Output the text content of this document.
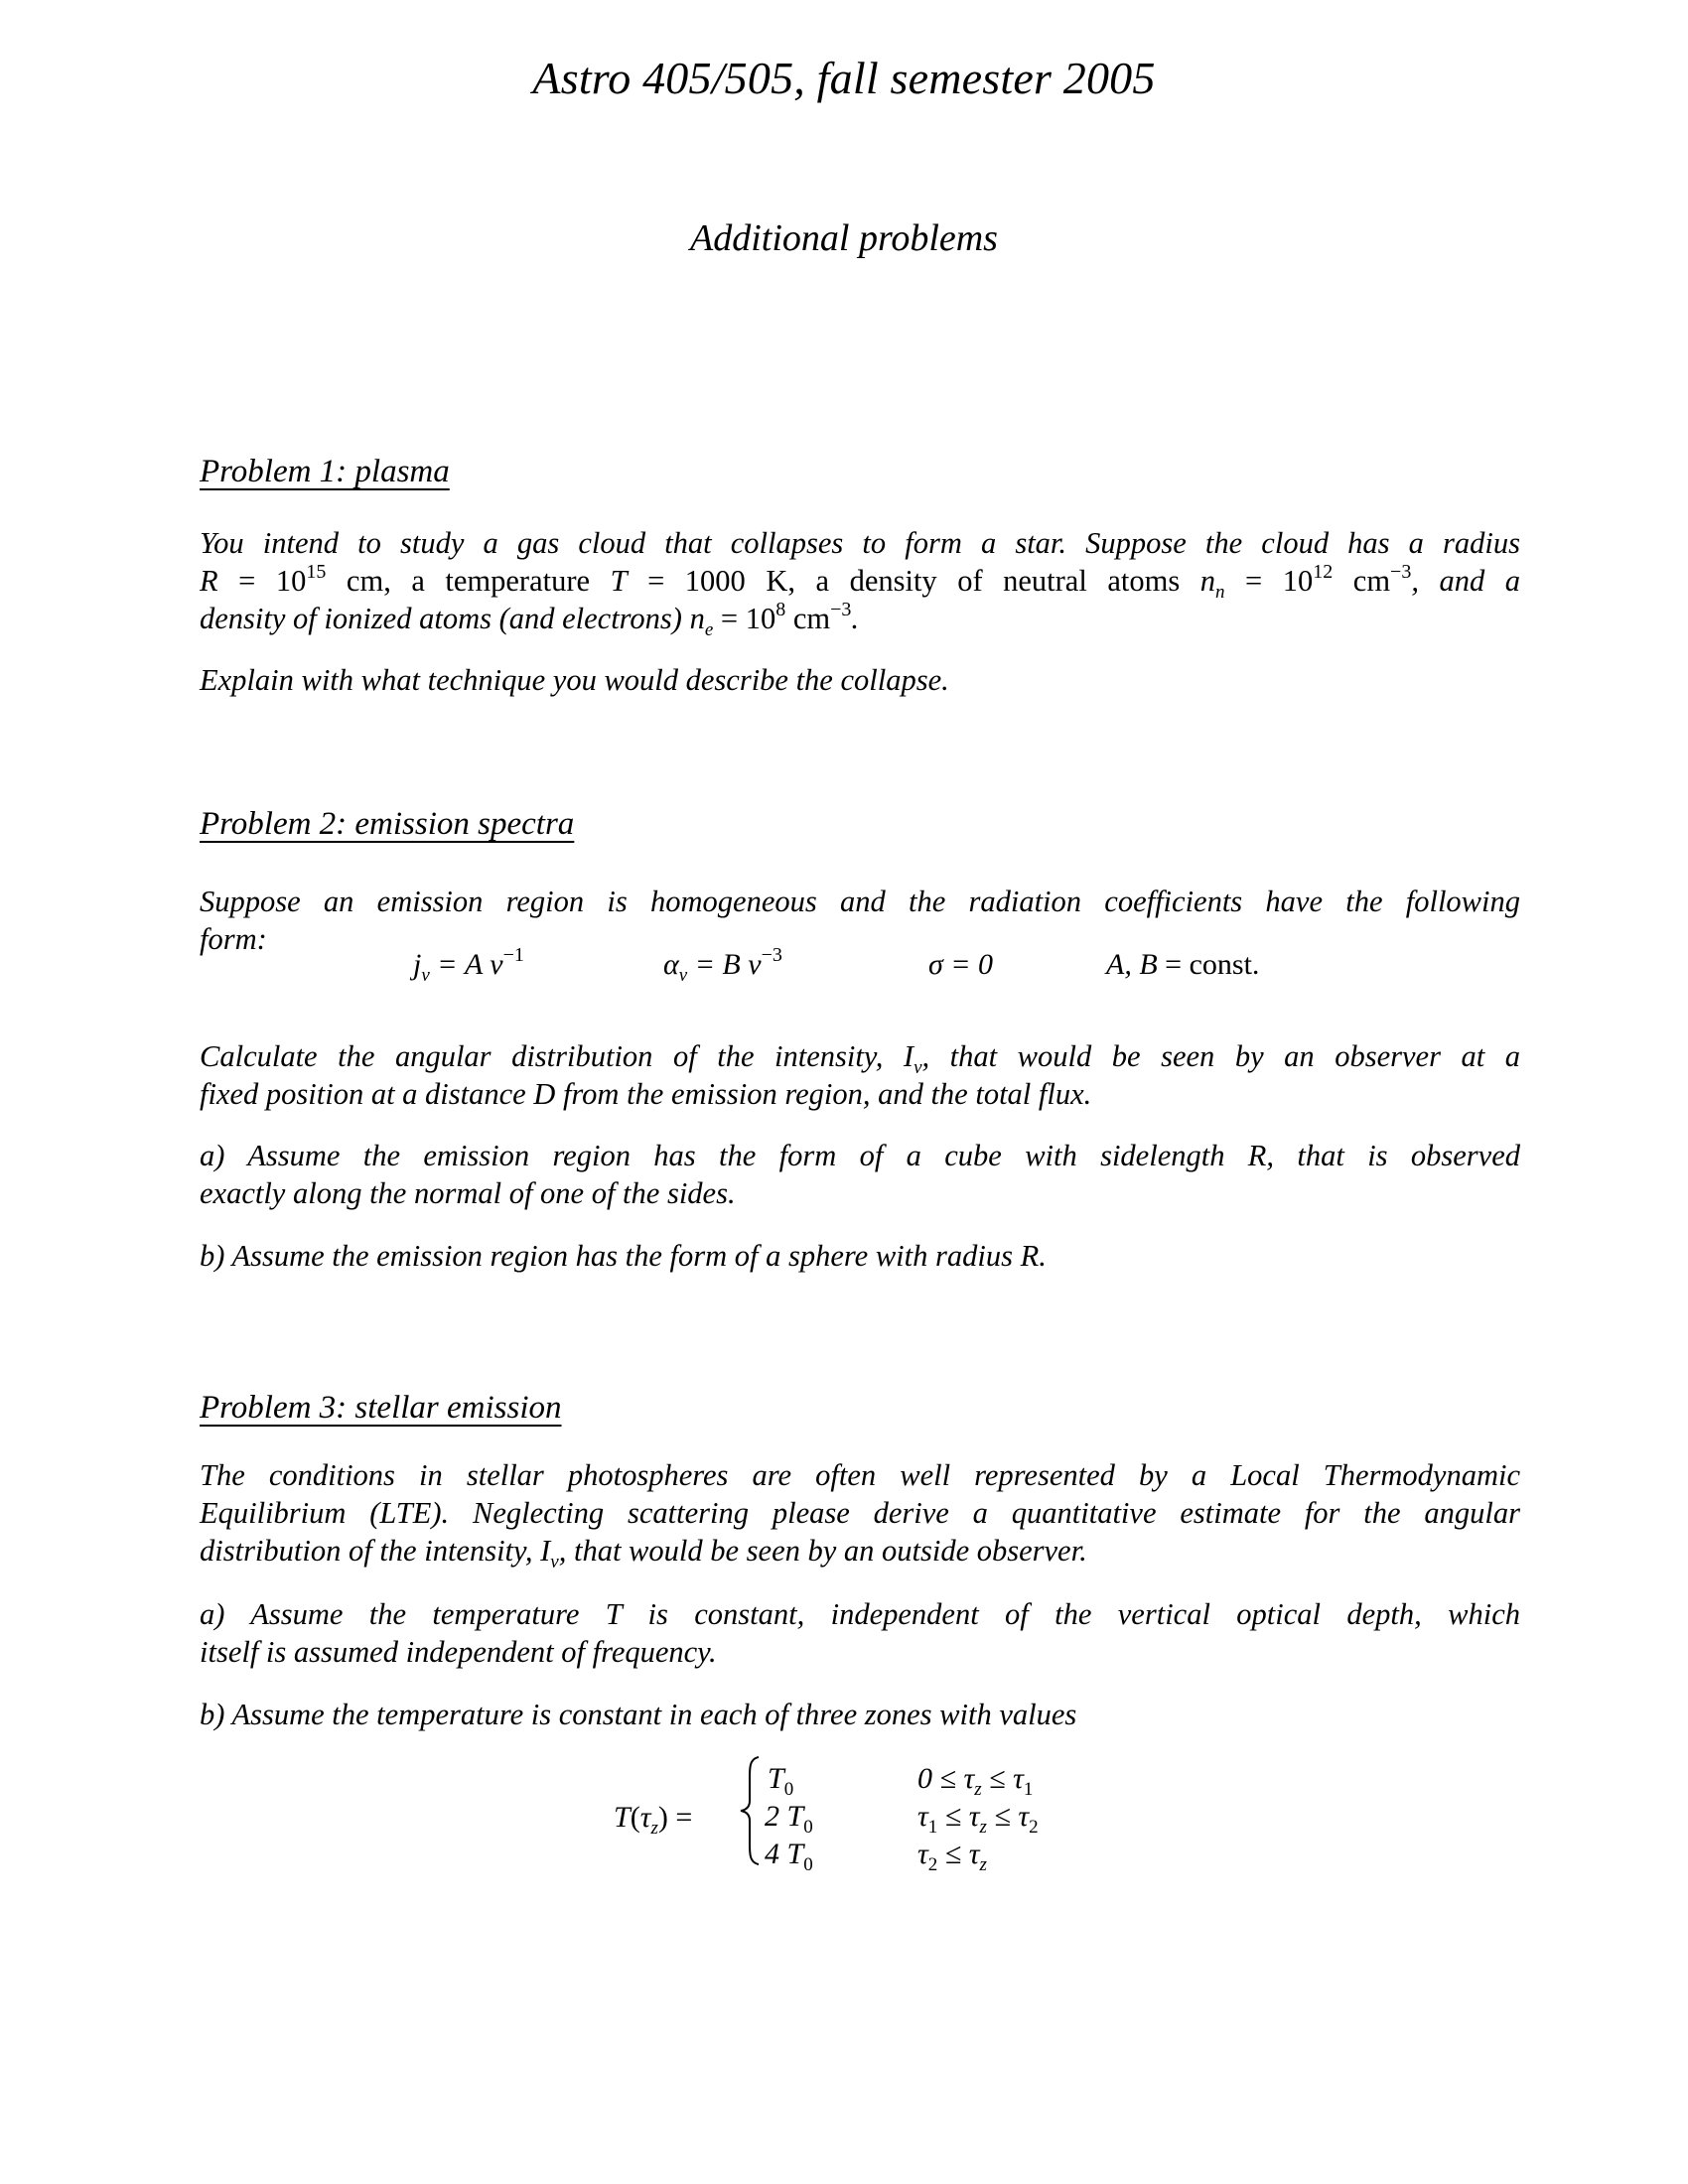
Astro 405/505, fall semester 2005
Additional problems
Problem 1: plasma
You intend to study a gas cloud that collapses to form a star. Suppose the cloud has a radius
$R = 10^{15}$ cm, a temperature T = 1000 K, a density of neutral atoms $n_n = 10^{12}$ $cm^{-3}$, and a
density of ionized atoms (and electrons) $n_e = 10^8$ $cm^{-3}$.
Explain with what technique you would describe the collapse.
Problem 2: emission spectra
Suppose an emission region is homogeneous and the radiation coefficients have the following
form:
$j_\nu = A$ $\nu^{-1}$	$\alpha_\nu = B$ $\nu^{-3}$	σ = 0	A, B = const.
Calculate the angular distribution of the intensity, $I_\nu$, that would be seen by an observer at a
fixed position at a distance D from the emission region, and the total flux.
a) Assume the emission region has the form of a cube with sidelength R, that is observed
exactly along the normal of one of the sides.
b) Assume the emission region has the form of a sphere with radius R.
Problem 3: stellar emission
The conditions in stellar photospheres are often well represented by a Local Thermodynamic
Equilibrium (LTE). Neglecting scattering please derive a quantitative estimate for the angular
distribution of the intensity, $I_\nu$, that would be seen by an outside observer.
a) Assume the temperature T is constant, independent of the vertical optical depth, which
itself is assumed independent of frequency.
b) Assume the temperature is constant in each of three zones with values
$T(\tau_z)$ =
$T_0$
2 $T_0$
4 $T_0$
$0 \le \tau_z \le \tau_1$
$\tau_1 \le \tau_z \le \tau_2$
$\tau_2 \le \tau_z$
